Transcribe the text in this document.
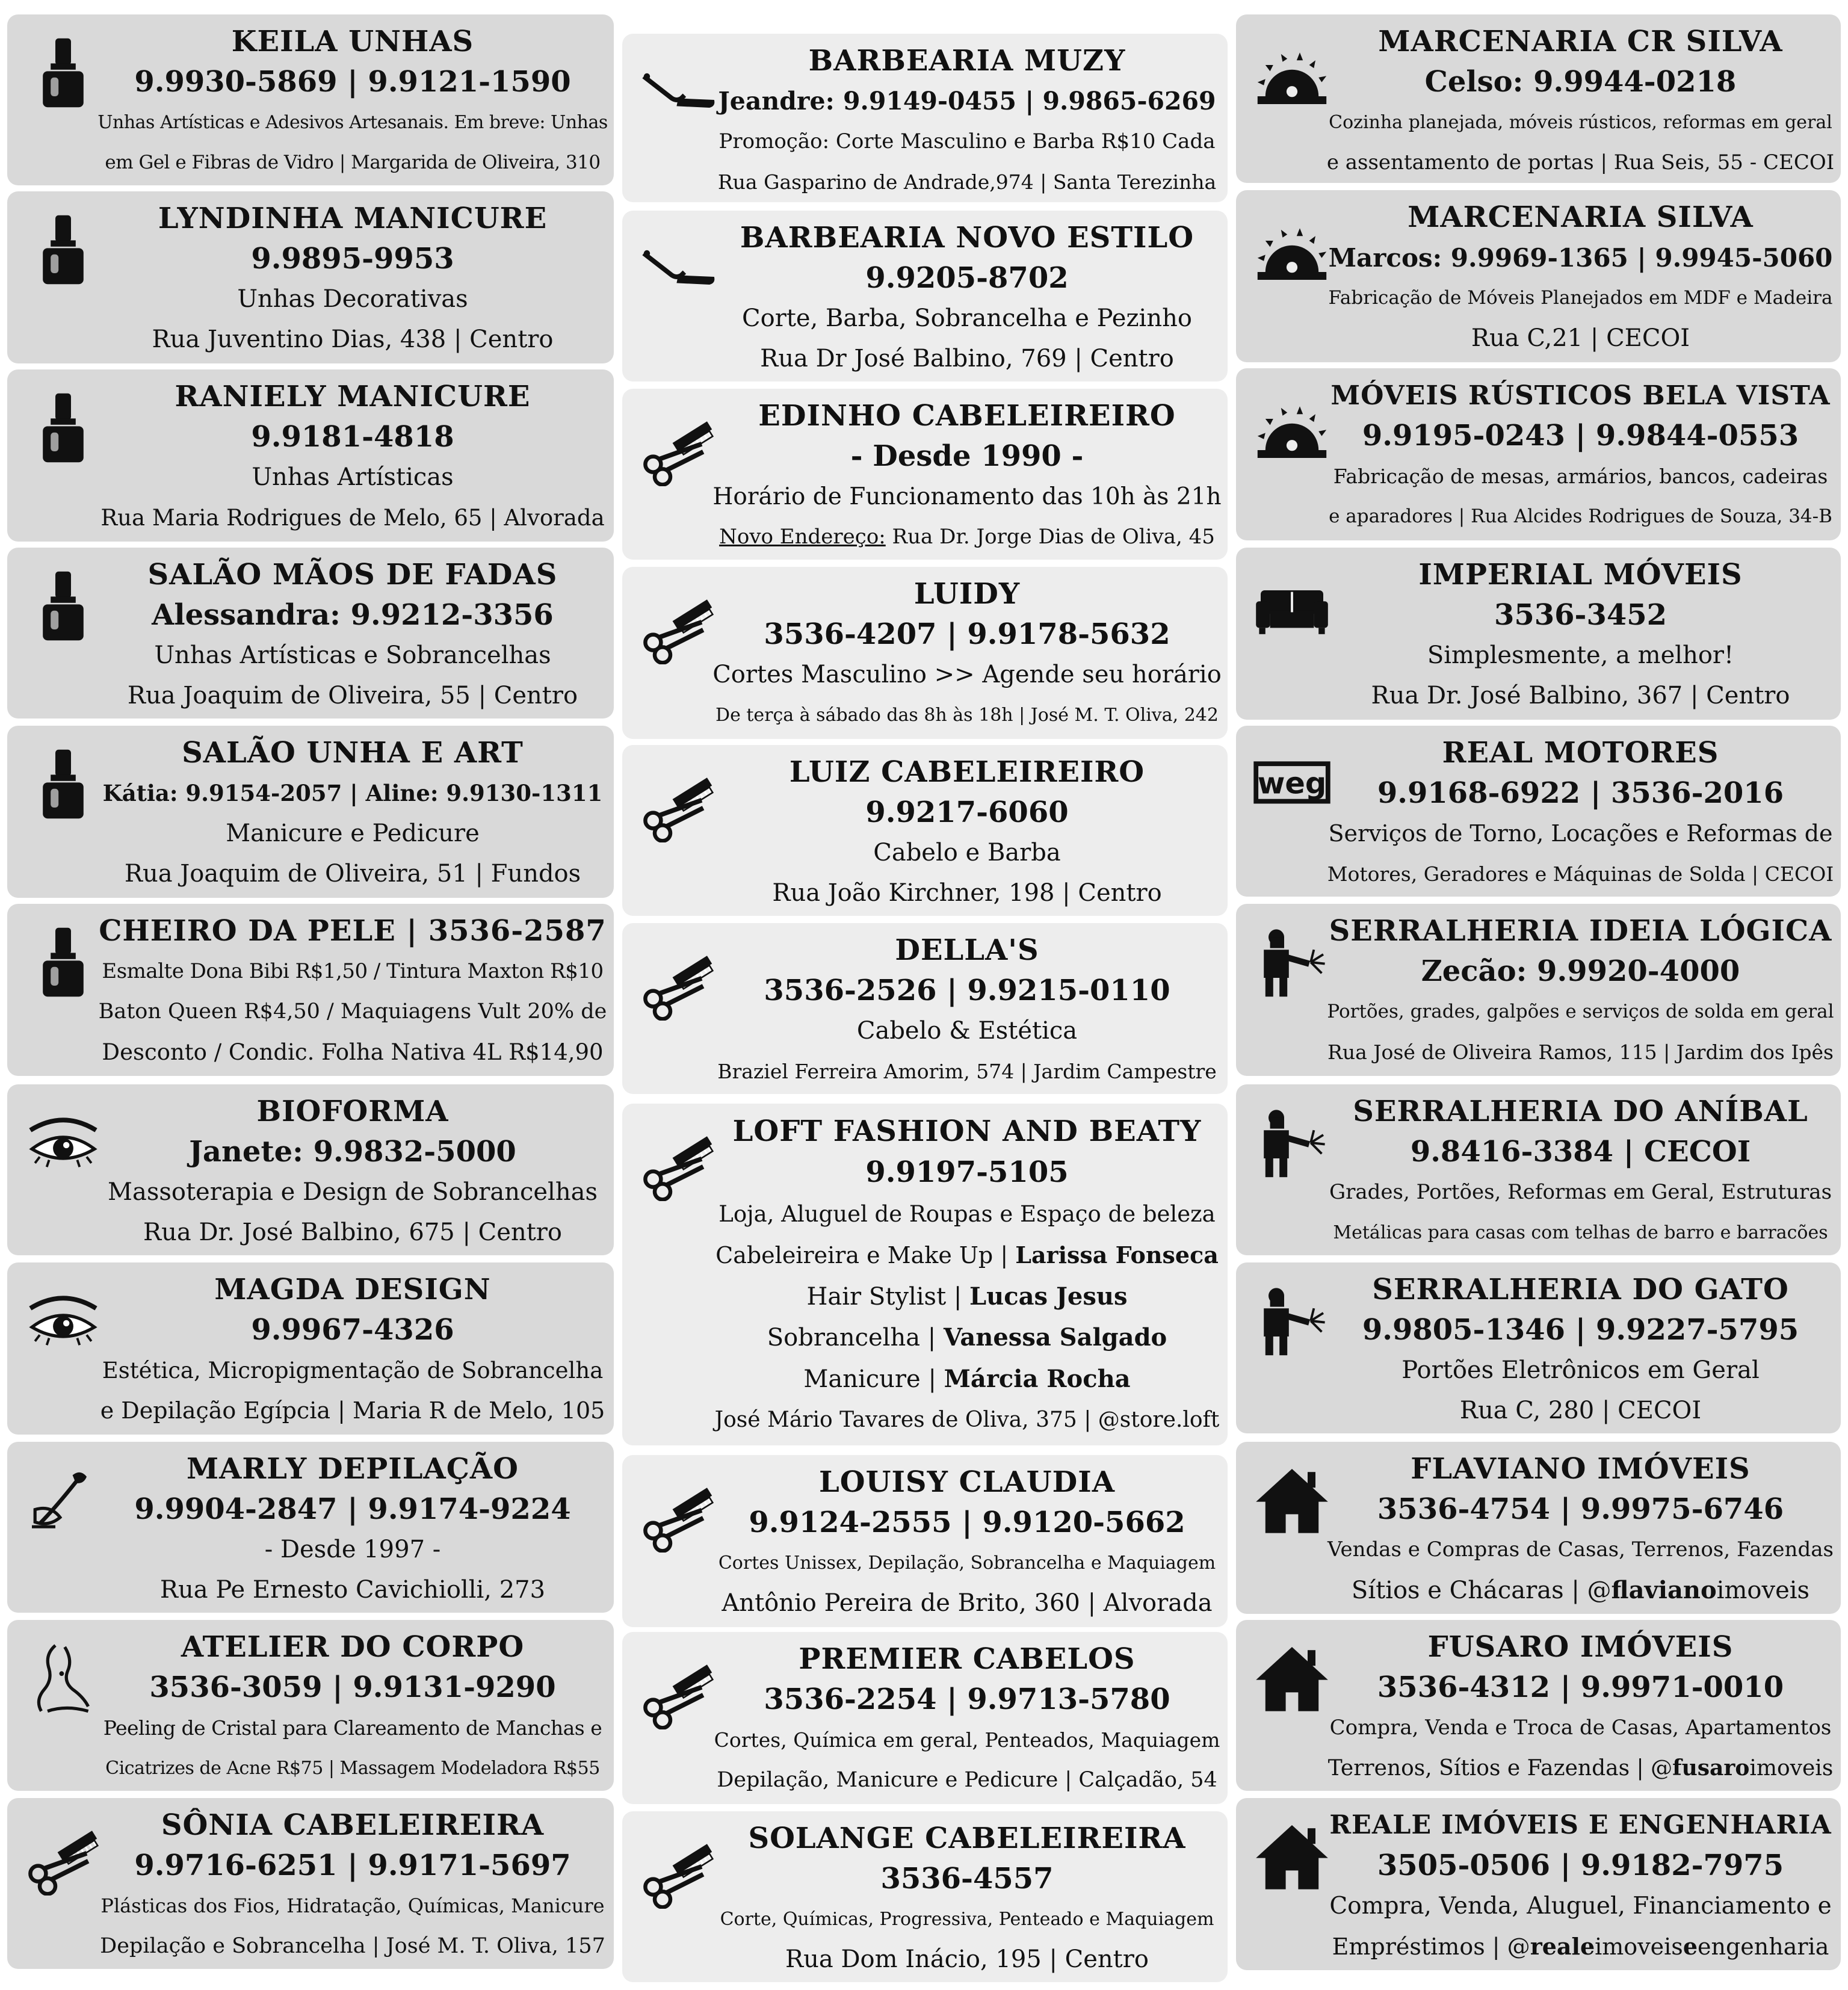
KEILA UNHAS
9.9930-5869 | 9.9121-1590
Unhas Artísticas e Adesivos Artesanais. Em breve: Unhas
em Gel e Fibras de Vidro | Margarida de Oliveira, 310
LYNDINHA MANICURE
9.9895-9953
Unhas Decorativas
Rua Juventino Dias, 438 | Centro
RANIELY MANICURE
9.9181-4818
Unhas Artísticas
Rua Maria Rodrigues de Melo, 65 | Alvorada
SALÃO MÃOS DE FADAS
Alessandra: 9.9212-3356
Unhas Artísticas e Sobrancelhas
Rua Joaquim de Oliveira, 55 | Centro
SALÃO UNHA E ART
Kátia: 9.9154-2057 | Aline: 9.9130-1311
Manicure e Pedicure
Rua Joaquim de Oliveira, 51 | Fundos
CHEIRO DA PELE | 3536-2587
Esmalte Dona Bibi R$1,50 / Tintura Maxton R$10
Baton Queen R$4,50 / Maquiagens Vult 20% de
Desconto / Condic. Folha Nativa 4L R$14,90
BIOFORMA
Janete: 9.9832-5000
Massoterapia e Design de Sobrancelhas
Rua Dr. José Balbino, 675 | Centro
MAGDA DESIGN
9.9967-4326
Estética, Micropigmentação de Sobrancelha
e Depilação Egípcia | Maria R de Melo, 105
MARLY DEPILAÇÃO
9.9904-2847 | 9.9174-9224
- Desde 1997 -
Rua Pe Ernesto Cavichiolli, 273
ATELIER DO CORPO
3536-3059 | 9.9131-9290
Peeling de Cristal para Clareamento de Manchas e
Cicatrizes de Acne R$75 | Massagem Modeladora R$55
SÔNIA CABELEIREIRA
9.9716-6251 | 9.9171-5697
Plásticas dos Fios, Hidratação, Químicas, Manicure
Depilação e Sobrancelha | José M. T. Oliva, 157
BARBEARIA MUZY
Jeandre: 9.9149-0455 | 9.9865-6269
Promoção: Corte Masculino e Barba R$10 Cada
Rua Gasparino de Andrade,974 | Santa Terezinha
BARBEARIA NOVO ESTILO
9.9205-8702
Corte, Barba, Sobrancelha e Pezinho
Rua Dr José Balbino, 769 | Centro
EDINHO CABELEIREIRO
- Desde 1990 -
Horário de Funcionamento das 10h às 21h
Novo Endereço: Rua Dr. Jorge Dias de Oliva, 45
LUIDY
3536-4207 | 9.9178-5632
Cortes Masculino >> Agende seu horário
De terça à sábado das 8h às 18h | José M. T. Oliva, 242
LUIZ CABELEIREIRO
9.9217-6060
Cabelo e Barba
Rua João Kirchner, 198 | Centro
DELLA'S
3536-2526 | 9.9215-0110
Cabelo & Estética
Braziel Ferreira Amorim, 574 | Jardim Campestre
LOFT FASHION AND BEATY
9.9197-5105
Loja, Aluguel de Roupas e Espaço de beleza
Cabeleireira e Make Up | Larissa Fonseca
Hair Stylist | Lucas Jesus
Sobrancelha | Vanessa Salgado
Manicure | Márcia Rocha
José Mário Tavares de Oliva, 375 | @store.loft
LOUISY CLAUDIA
9.9124-2555 | 9.9120-5662
Cortes Unissex, Depilação, Sobrancelha e Maquiagem
Antônio Pereira de Brito, 360 | Alvorada
PREMIER CABELOS
3536-2254 | 9.9713-5780
Cortes, Química em geral, Penteados, Maquiagem
Depilação, Manicure e Pedicure | Calçadão, 54
SOLANGE CABELEIREIRA
3536-4557
Corte, Químicas, Progressiva, Penteado e Maquiagem
Rua Dom Inácio, 195 | Centro
MARCENARIA CR SILVA
Celso: 9.9944-0218
Cozinha planejada, móveis rústicos, reformas em geral
e assentamento de portas | Rua Seis, 55 - CECOI
MARCENARIA SILVA
Marcos: 9.9969-1365 | 9.9945-5060
Fabricação de Móveis Planejados em MDF e Madeira
Rua C,21 | CECOI
MÓVEIS RÚSTICOS BELA VISTA
9.9195-0243 | 9.9844-0553
Fabricação de mesas, armários, bancos, cadeiras
e aparadores | Rua Alcides Rodrigues de Souza, 34-B
IMPERIAL MÓVEIS
3536-3452
Simplesmente, a melhor!
Rua Dr. José Balbino, 367 | Centro
weg
REAL MOTORES
9.9168-6922 | 3536-2016
Serviços de Torno, Locações e Reformas de
Motores, Geradores e Máquinas de Solda | CECOI
SERRALHERIA IDEIA LÓGICA
Zecão: 9.9920-4000
Portões, grades, galpões e serviços de solda em geral
Rua José de Oliveira Ramos, 115 | Jardim dos Ipês
SERRALHERIA DO ANÍBAL
9.8416-3384 | CECOI
Grades, Portões, Reformas em Geral, Estruturas
Metálicas para casas com telhas de barro e barracões
SERRALHERIA DO GATO
9.9805-1346 | 9.9227-5795
Portões Eletrônicos em Geral
Rua C, 280 | CECOI
FLAVIANO IMÓVEIS
3536-4754 | 9.9975-6746
Vendas e Compras de Casas, Terrenos, Fazendas
Sítios e Chácaras | @flavianoimoveis
FUSARO IMÓVEIS
3536-4312 | 9.9971-0010
Compra, Venda e Troca de Casas, Apartamentos
Terrenos, Sítios e Fazendas | @fusaroimoveis
REALE IMÓVEIS E ENGENHARIA
3505-0506 | 9.9182-7975
Compra, Venda, Aluguel, Financiamento e
Empréstimos | @realeimoveiseengenharia
